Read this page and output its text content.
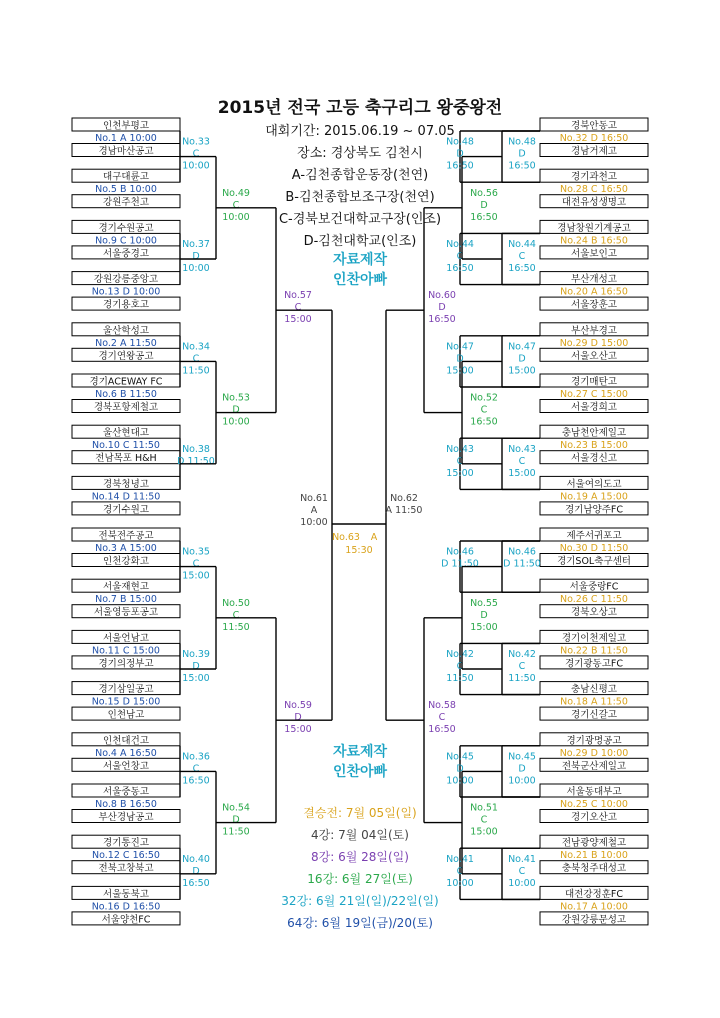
2015년 전국 고등 축구리그 왕중왕전
대회기간: 2015.06.19 ~ 07.05
장소: 경상북도 김천시
A-김천종합운동장(천연)
B-김천종합보조구장(천연)
C-경북보건대학교구장(인조)
D-김천대학교(인조)
자료제작
인찬아빠
자료제작
인찬아빠
결승전: 7월 05일(일)
4강: 7월 04일(토)
8강: 6월 28일(일)
16강: 6월 27일(토)
32강: 6월 21일(일)/22일(일)
64강: 6월 19일(금)/20(토)
인천부평고
No.1 A 10:00
경남마산공고
경북안동고
No.32 D 16:50
경남거제고
대구대륜고
No.5 B 10:00
강원주천고
경기과천고
No.28 C 16:50
대전유성생명고
경기수원공고
No.9 C 10:00
서울중경고
경남창원기계공고
No.24 B 16:50
서울보인고
강원강릉중앙고
No.13 D 10:00
경기용호고
부산개성고
No.20 A 16:50
서울장훈고
울산학성고
No.2 A 11:50
경기연왕공고
부산부경고
No.29 D 15:00
서울오산고
경기ACEWAY FC
No.6 B 11:50
경북포항제철고
경기매탄고
No.27 C 15:00
서울경희고
울산현대고
No.10 C 11:50
전남목포 H&H
충남천안제일고
No.23 B 15:00
서울경신고
경북청녕고
No.14 D 11:50
경기수원고
서울여의도고
No.19 A 15:00
경기남양주FC
전북전주공고
No.3 A 15:00
인천강화고
제주서귀포고
No.30 D 11:50
경기SOL축구센터
서울재현고
No.7 B 15:00
서울영등포공고
서울중랑FC
No.26 C 11:50
경북오상고
서울언남고
No.11 C 15:00
경기의정부고
경기이천제일고
No.22 B 11:50
경기광동고FC
경기삼일공고
No.15 D 15:00
인천남고
충남신평고
No.18 A 11:50
경기신갈고
인천대건고
No.4 A 16:50
서울언창고
경기광명공고
No.29 D 10:00
전북군산제일고
서울중동고
No.8 B 16:50
부산경남공고
서울동대부고
No.25 C 10:00
경기오산고
경기통진고
No.12 C 16:50
전북고창북고
전남광양제철고
No.21 B 10:00
충북청주대성고
서울동북고
No.16 D 16:50
서울양천FC
대전강정훈FC
No.17 A 10:00
강원강릉문성고
No.33
C
10:00
No.37
D
10:00
No.34
C
11:50
No.38
D 11:50
No.35
C
15:00
No.39
D
15:00
No.36
C
16:50
No.40
D
16:50
No.49
C
10:00
No.53
D
10:00
No.50
C
11:50
No.54
D
11:50
No.57
C
15:00
No.59
D
15:00
No.61
A
10:00
No.48
D
16:50
No.44
C
16:50
No.47
D
15:00
No.43
C
15:00
No.46
D 11:50
No.42
C
11:50
No.45
D
10:00
No.41
C
10:00
No.48
D
16:50
No.44
C
16:50
No.47
D
15:00
No.43
C
15:00
No.46
D 11:50
No.42
C
11:50
No.45
D
10:00
No.41
C
10:00
No.56
D
16:50
No.52
C
16:50
No.55
D
15:00
No.51
C
15:00
No.60
D
16:50
No.58
C
16:50
No.62
A 11:50
No.63 A
15:30
